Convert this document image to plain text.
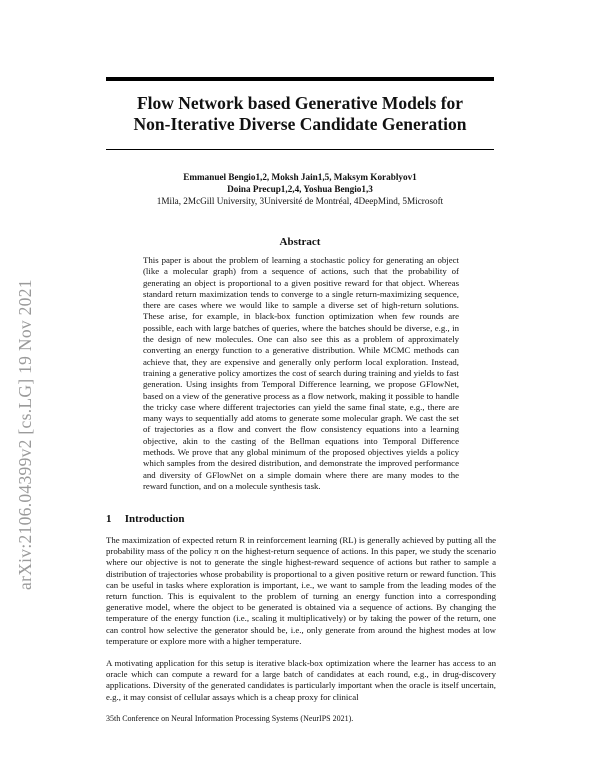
arXiv:2106.04399v2 [cs.LG] 19 Nov 2021
Flow Network based Generative Models for
Non-Iterative Diverse Candidate Generation
Emmanuel Bengio1,2, Moksh Jain1,5, Maksym Korablyov1
Doina Precup1,2,4, Yoshua Bengio1,3
1Mila, 2McGill University, 3Université de Montréal, 4DeepMind, 5Microsoft
Abstract
This paper is about the problem of learning a stochastic policy for generating an object (like a molecular graph) from a sequence of actions, such that the probability of generating an object is proportional to a given positive reward for that object. Whereas standard return maximization tends to converge to a single return-maximizing sequence, there are cases where we would like to sample a diverse set of high-return solutions. These arise, for example, in black-box function optimization when few rounds are possible, each with large batches of queries, where the batches should be diverse, e.g., in the design of new molecules. One can also see this as a problem of approximately converting an energy function to a generative distribution. While MCMC methods can achieve that, they are expensive and generally only perform local exploration. Instead, training a generative policy amortizes the cost of search during training and yields to fast generation. Using insights from Temporal Difference learning, we propose GFlowNet, based on a view of the generative process as a flow network, making it possible to handle the tricky case where different trajectories can yield the same final state, e.g., there are many ways to sequentially add atoms to generate some molecular graph. We cast the set of trajectories as a flow and convert the flow consistency equations into a learning objective, akin to the casting of the Bellman equations into Temporal Difference methods. We prove that any global minimum of the proposed objectives yields a policy which samples from the desired distribution, and demonstrate the improved performance and diversity of GFlowNet on a simple domain where there are many modes to the reward function, and on a molecule synthesis task.
1 Introduction
The maximization of expected return R in reinforcement learning (RL) is generally achieved by putting all the probability mass of the policy π on the highest-return sequence of actions. In this paper, we study the scenario where our objective is not to generate the single highest-reward sequence of actions but rather to sample a distribution of trajectories whose probability is proportional to a given positive return or reward function. This can be useful in tasks where exploration is important, i.e., we want to sample from the leading modes of the return function. This is equivalent to the problem of turning an energy function into a corresponding generative model, where the object to be generated is obtained via a sequence of actions. By changing the temperature of the energy function (i.e., scaling it multiplicatively) or by taking the power of the return, one can control how selective the generator should be, i.e., only generate from around the highest modes at low temperature or explore more with a higher temperature.
A motivating application for this setup is iterative black-box optimization where the learner has access to an oracle which can compute a reward for a large batch of candidates at each round, e.g., in drug-discovery applications. Diversity of the generated candidates is particularly important when the oracle is itself uncertain, e.g., it may consist of cellular assays which is a cheap proxy for clinical
35th Conference on Neural Information Processing Systems (NeurIPS 2021).
